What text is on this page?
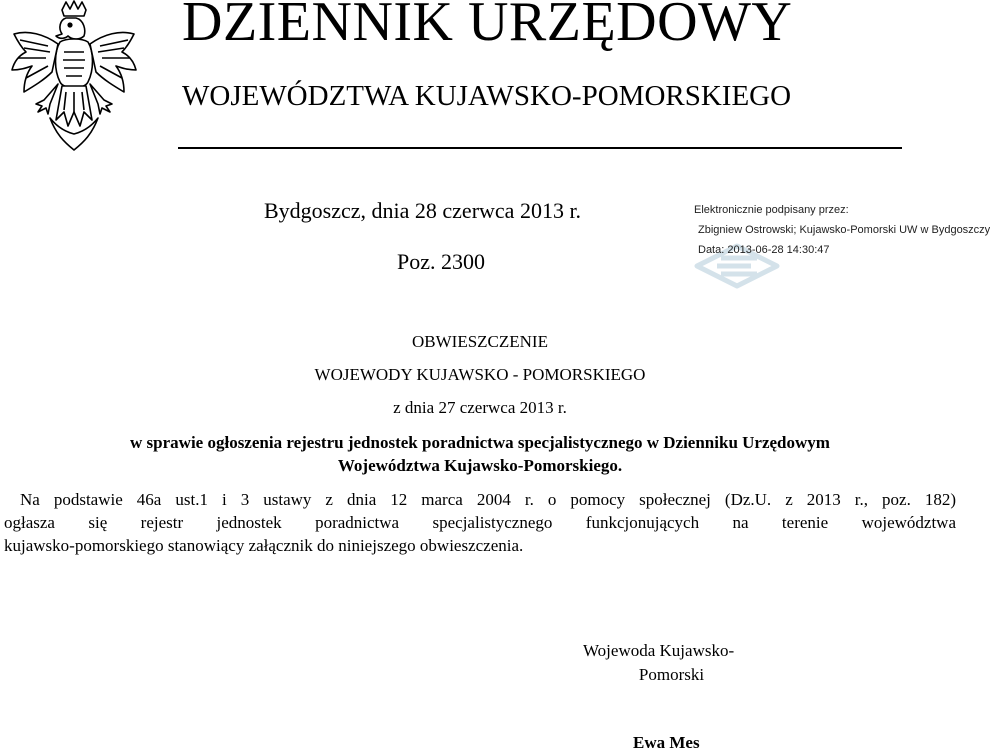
DZIENNIK URZĘDOWY
WOJEWÓDZTWA KUJAWSKO-POMORSKIEGO
Bydgoszcz, dnia 28 czerwca 2013 r.
Poz. 2300
Elektronicznie podpisany przez:
Zbigniew Ostrowski; Kujawsko-Pomorski UW w Bydgoszczy
Data: 2013-06-28 14:30:47
OBWIESZCZENIE
WOJEWODY KUJAWSKO - POMORSKIEGO
z dnia 27 czerwca 2013 r.
w sprawie ogłoszenia rejestru jednostek poradnictwa specjalistycznego w Dzienniku Urzędowym
Województwa Kujawsko-Pomorskiego.
Na podstawie 46a ust.1 i 3 ustawy z dnia 12 marca 2004 r. o pomocy społecznej (Dz.U. z 2013 r., poz. 182)
ogłasza się rejestr jednostek poradnictwa specjalistycznego funkcjonujących na terenie województwa
kujawsko-pomorskiego stanowiący załącznik do niniejszego obwieszczenia.
Wojewoda Kujawsko-
Pomorski
Ewa Mes
